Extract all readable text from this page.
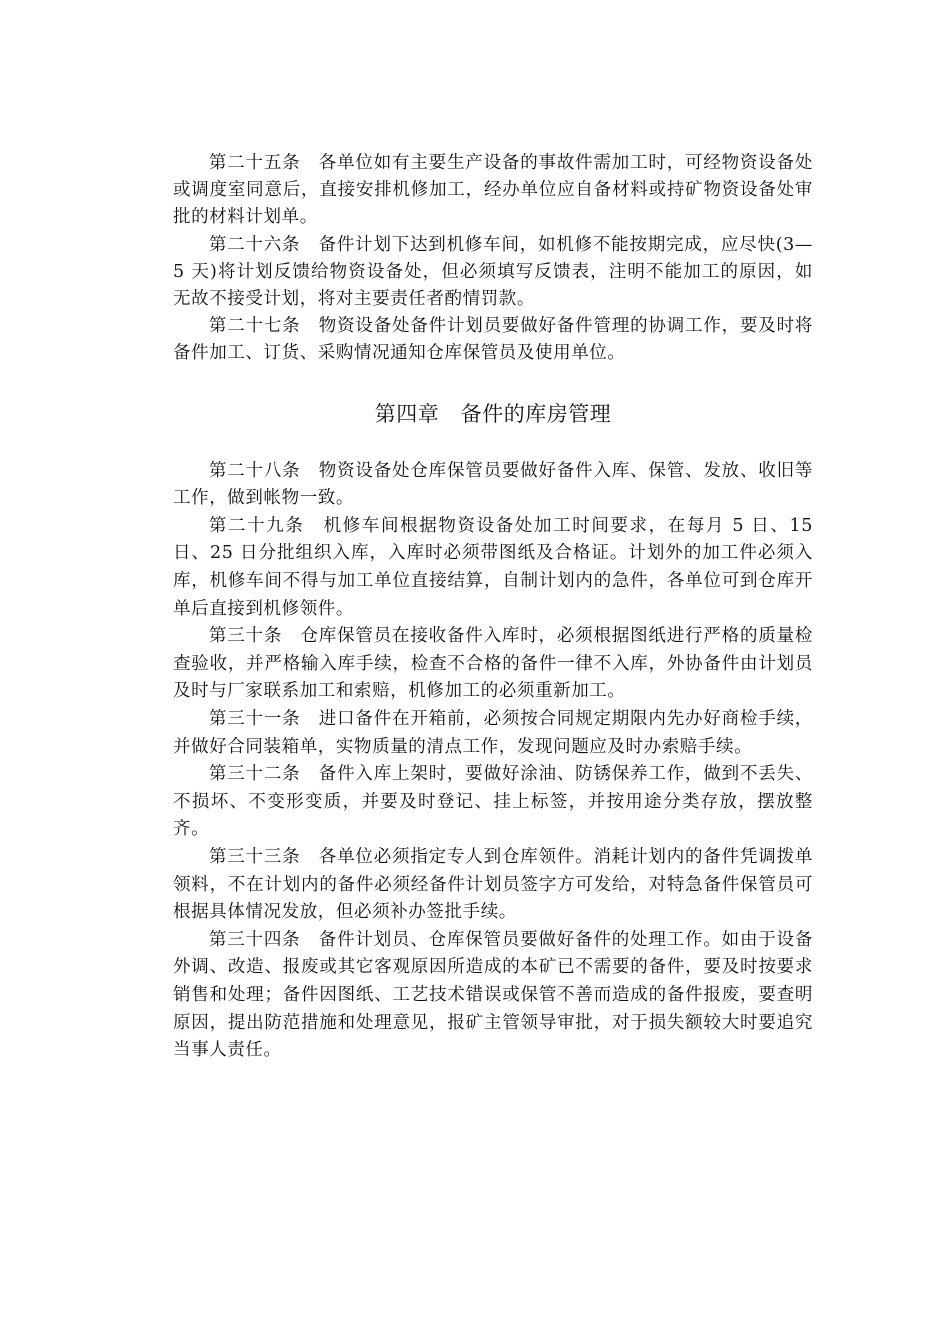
第二十五条　各单位如有主要生产设备的事故件需加工时，可经物资设备处或调度室同意后，直接安排机修加工，经办单位应自备材料或持矿物资设备处审批的材料计划单。

第二十六条　备件计划下达到机修车间，如机修不能按期完成，应尽快(3—5 天)将计划反馈给物资设备处，但必须填写反馈表，注明不能加工的原因，如无故不接受计划，将对主要责任者酌情罚款。

第二十七条　物资设备处备件计划员要做好备件管理的协调工作，要及时将备件加工、订货、采购情况通知仓库保管员及使用单位。

第四章　备件的库房管理

第二十八条　物资设备处仓库保管员要做好备件入库、保管、发放、收旧等工作，做到帐物一致。

第二十九条　机修车间根据物资设备处加工时间要求，在每月 5 日、15 日、25 日分批组织入库，入库时必须带图纸及合格证。计划外的加工件必须入库，机修车间不得与加工单位直接结算，自制计划内的急件，各单位可到仓库开单后直接到机修领件。

第三十条　仓库保管员在接收备件入库时，必须根据图纸进行严格的质量检查验收，并严格输入库手续，检查不合格的备件一律不入库，外协备件由计划员及时与厂家联系加工和索赔，机修加工的必须重新加工。

第三十一条　进口备件在开箱前，必须按合同规定期限内先办好商检手续，并做好合同装箱单，实物质量的清点工作，发现问题应及时办索赔手续。

第三十二条　备件入库上架时，要做好涂油、防锈保养工作，做到不丢失、不损坏、不变形变质，并要及时登记、挂上标签，并按用途分类存放，摆放整齐。

第三十三条　各单位必须指定专人到仓库领件。消耗计划内的备件凭调拨单领料，不在计划内的备件必须经备件计划员签字方可发给，对特急备件保管员可根据具体情况发放，但必须补办签批手续。

第三十四条　备件计划员、仓库保管员要做好备件的处理工作。如由于设备外调、改造、报废或其它客观原因所造成的本矿已不需要的备件，要及时按要求销售和处理；备件因图纸、工艺技术错误或保管不善而造成的备件报废，要查明原因，提出防范措施和处理意见，报矿主管领导审批，对于损失额较大时要追究当事人责任。
